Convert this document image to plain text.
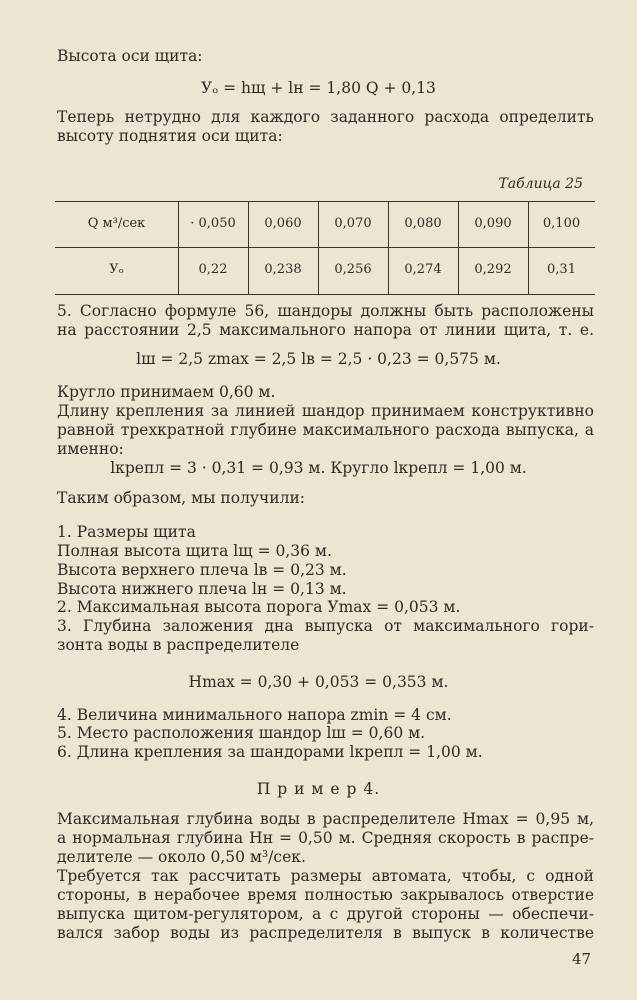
Высота оси щита:

Уₒ = hщ + lн = 1,80 Q + 0,13

Теперь нетрудно для каждого заданного расхода определить

высоту поднятия оси щита:

Таблица 25

Q м³/сек	· 0,050	0,060	0,070	0,080	0,090	0,100

Уₒ	0,22	0,238	0,256	0,274	0,292	0,31

5. Согласно формуле 56, шандоры должны быть расположены

на расстоянии 2,5 максимального напора от линии щита, т. е.

lш = 2,5 zmax = 2,5 lв = 2,5 · 0,23 = 0,575 м.

Кругло принимаем 0,60 м.

Длину крепления за линией шандор принимаем конструктивно

равной трехкратной глубине максимального расхода выпуска, а

именно:

lкрепл = 3 · 0,31 = 0,93 м. Кругло lкрепл = 1,00 м.

Таким образом, мы получили:

1. Размеры щита

Полная высота щита lщ = 0,36 м.

Высота верхнего плеча lв = 0,23 м.

Высота нижнего плеча lн = 0,13 м.

2. Максимальная высота порога Уmax = 0,053 м.

3. Глубина заложения дна выпуска от максимального гори-

зонта воды в распределителе

Hmax = 0,30 + 0,053 = 0,353 м.

4. Величина минимального напора zmin = 4 см.

5. Место расположения шандор lш = 0,60 м.

6. Длина крепления за шандорами lкрепл = 1,00 м.

П р и м е р 4.

Максимальная глубина воды в распределителе Hmax = 0,95 м,

а нормальная глубина Hн = 0,50 м. Средняя скорость в распре-

делителе — около 0,50 м³/сек.

Требуется так рассчитать размеры автомата, чтобы, с одной

стороны, в нерабочее время полностью закрывалось отверстие

выпуска щитом-регулятором, а с другой стороны — обеспечи-

вался забор воды из распределителя в выпуск в количестве

47
